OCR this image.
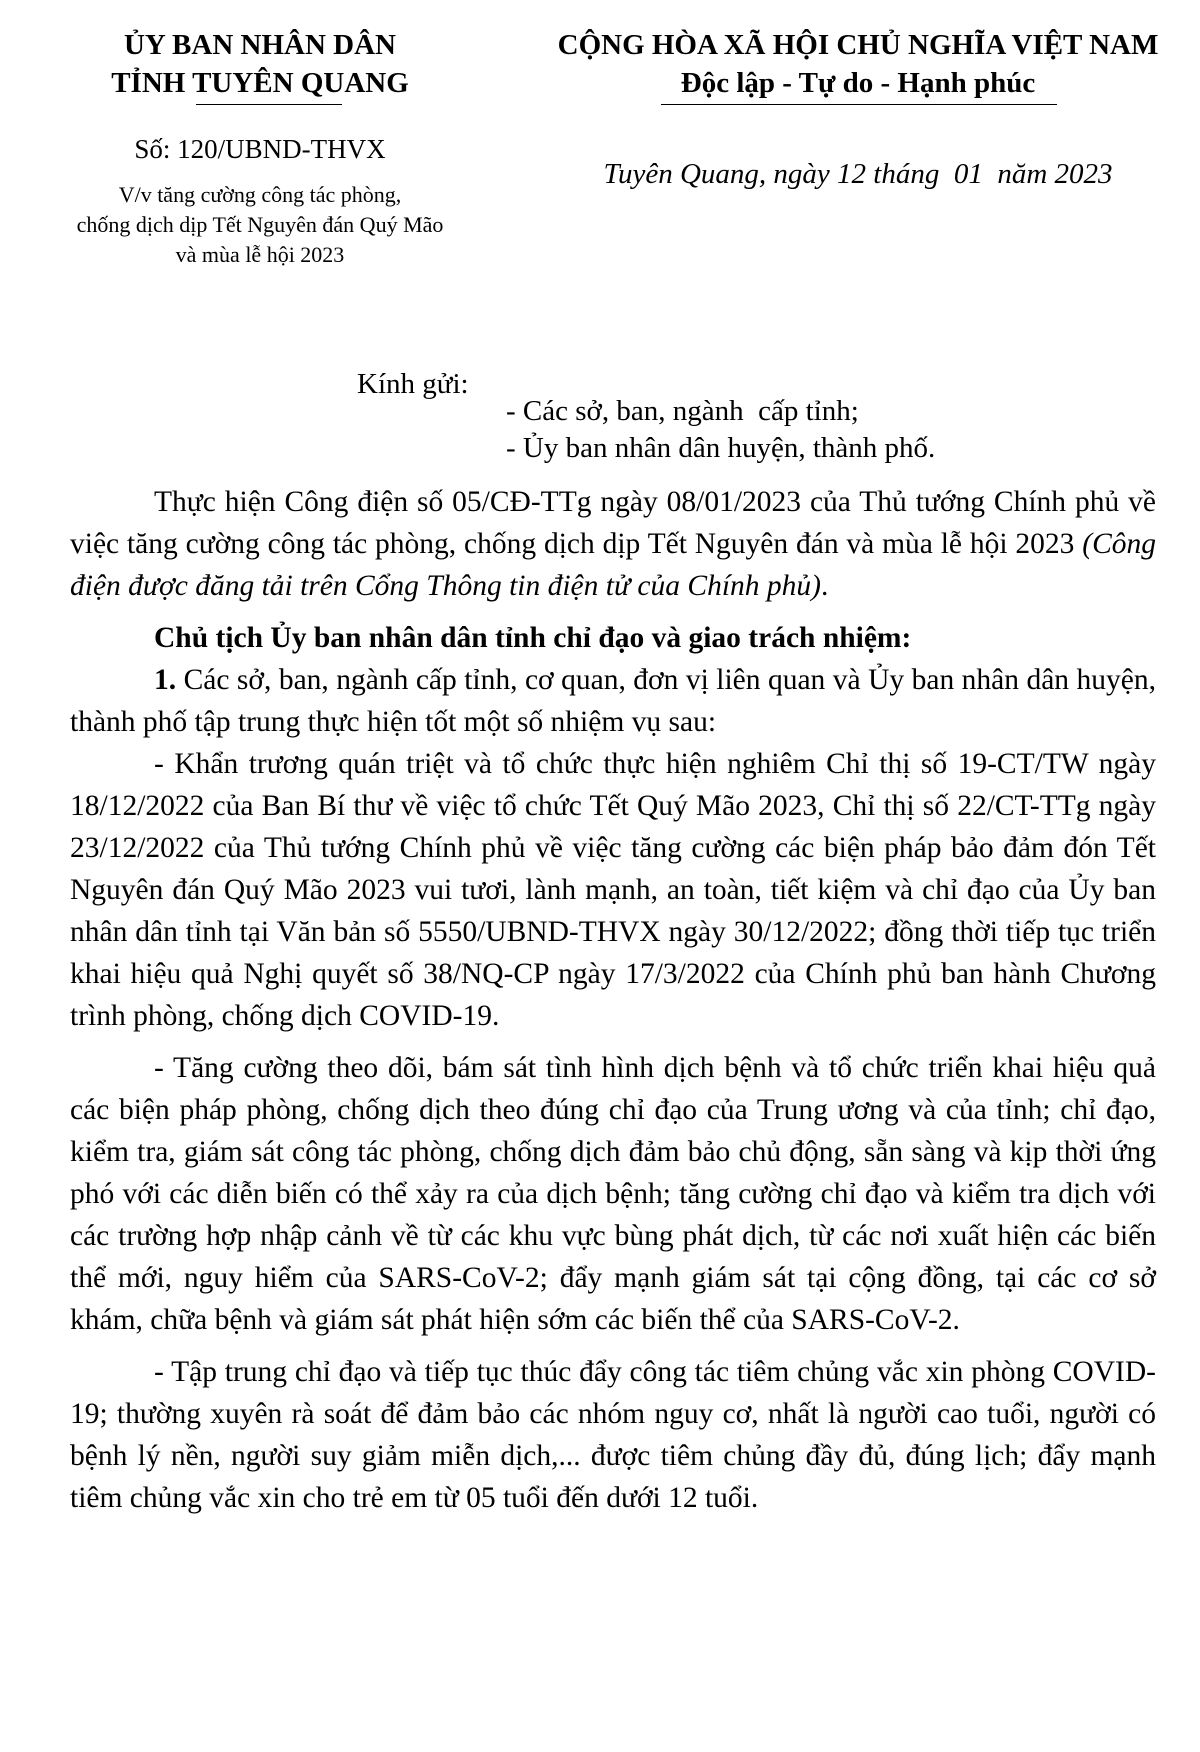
ỦY BAN NHÂN DÂN
TỈNH TUYÊN QUANG
CỘNG HÒA XÃ HỘI CHỦ NGHĨA VIỆT NAM
Độc lập - Tự do - Hạnh phúc
Số: 120/UBND-THVX
V/v tăng cường công tác phòng,
chống dịch dịp Tết Nguyên đán Quý Mão
và mùa lễ hội 2023
Tuyên Quang, ngày 12 tháng  01  năm 2023
Kính gửi:
- Các sở, ban, ngành  cấp tỉnh;
- Ủy ban nhân dân huyện, thành phố.

Thực hiện Công điện số 05/CĐ-TTg ngày 08/01/2023 của Thủ tướng Chính phủ về việc tăng cường công tác phòng, chống dịch dịp Tết Nguyên đán và mùa lễ hội 2023 (Công điện được đăng tải trên Cổng Thông tin điện tử của Chính phủ).

Chủ tịch Ủy ban nhân dân tỉnh chỉ đạo và giao trách nhiệm:

1. Các sở, ban, ngành cấp tỉnh, cơ quan, đơn vị liên quan và Ủy ban nhân dân huyện, thành phố tập trung thực hiện tốt một số nhiệm vụ sau:

- Khẩn trương quán triệt và tổ chức thực hiện nghiêm Chỉ thị số 19-CT/TW ngày 18/12/2022 của Ban Bí thư về việc tổ chức Tết Quý Mão 2023, Chỉ thị số 22/CT-TTg ngày 23/12/2022 của Thủ tướng Chính phủ về việc tăng cường các biện pháp bảo đảm đón Tết Nguyên đán Quý Mão 2023 vui tươi, lành mạnh, an toàn, tiết kiệm và chỉ đạo của Ủy ban nhân dân tỉnh tại Văn bản số 5550/UBND-THVX ngày 30/12/2022; đồng thời tiếp tục triển khai hiệu quả Nghị quyết số 38/NQ-CP ngày 17/3/2022 của Chính phủ ban hành Chương trình phòng, chống dịch COVID-19.

- Tăng cường theo dõi, bám sát tình hình dịch bệnh và tổ chức triển khai hiệu quả các biện pháp phòng, chống dịch theo đúng chỉ đạo của Trung ương và của tỉnh; chỉ đạo, kiểm tra, giám sát công tác phòng, chống dịch đảm bảo chủ động, sẵn sàng và kịp thời ứng phó với các diễn biến có thể xảy ra của dịch bệnh; tăng cường chỉ đạo và kiểm tra dịch với các trường hợp nhập cảnh về từ các khu vực bùng phát dịch, từ các nơi xuất hiện các biến thể mới, nguy hiểm của SARS-CoV-2; đẩy mạnh giám sát tại cộng đồng, tại các cơ sở khám, chữa bệnh và giám sát phát hiện sớm các biến thể của SARS-CoV-2.

- Tập trung chỉ đạo và tiếp tục thúc đẩy công tác tiêm chủng vắc xin phòng COVID-19; thường xuyên rà soát để đảm bảo các nhóm nguy cơ, nhất là người cao tuổi, người có bệnh lý nền, người suy giảm miễn dịch,... được tiêm chủng đầy đủ, đúng lịch; đẩy mạnh tiêm chủng vắc xin cho trẻ em từ 05 tuổi đến dưới 12 tuổi.
